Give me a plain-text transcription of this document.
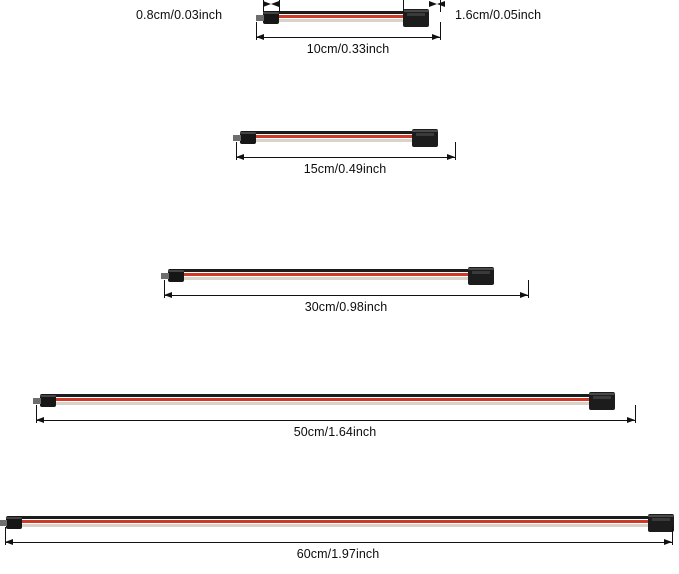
0.8cm/0.03inch	1.6cm/0.05inch
10cm/0.33inch
15cm/0.49inch
30cm/0.98inch
50cm/1.64inch
60cm/1.97inch
